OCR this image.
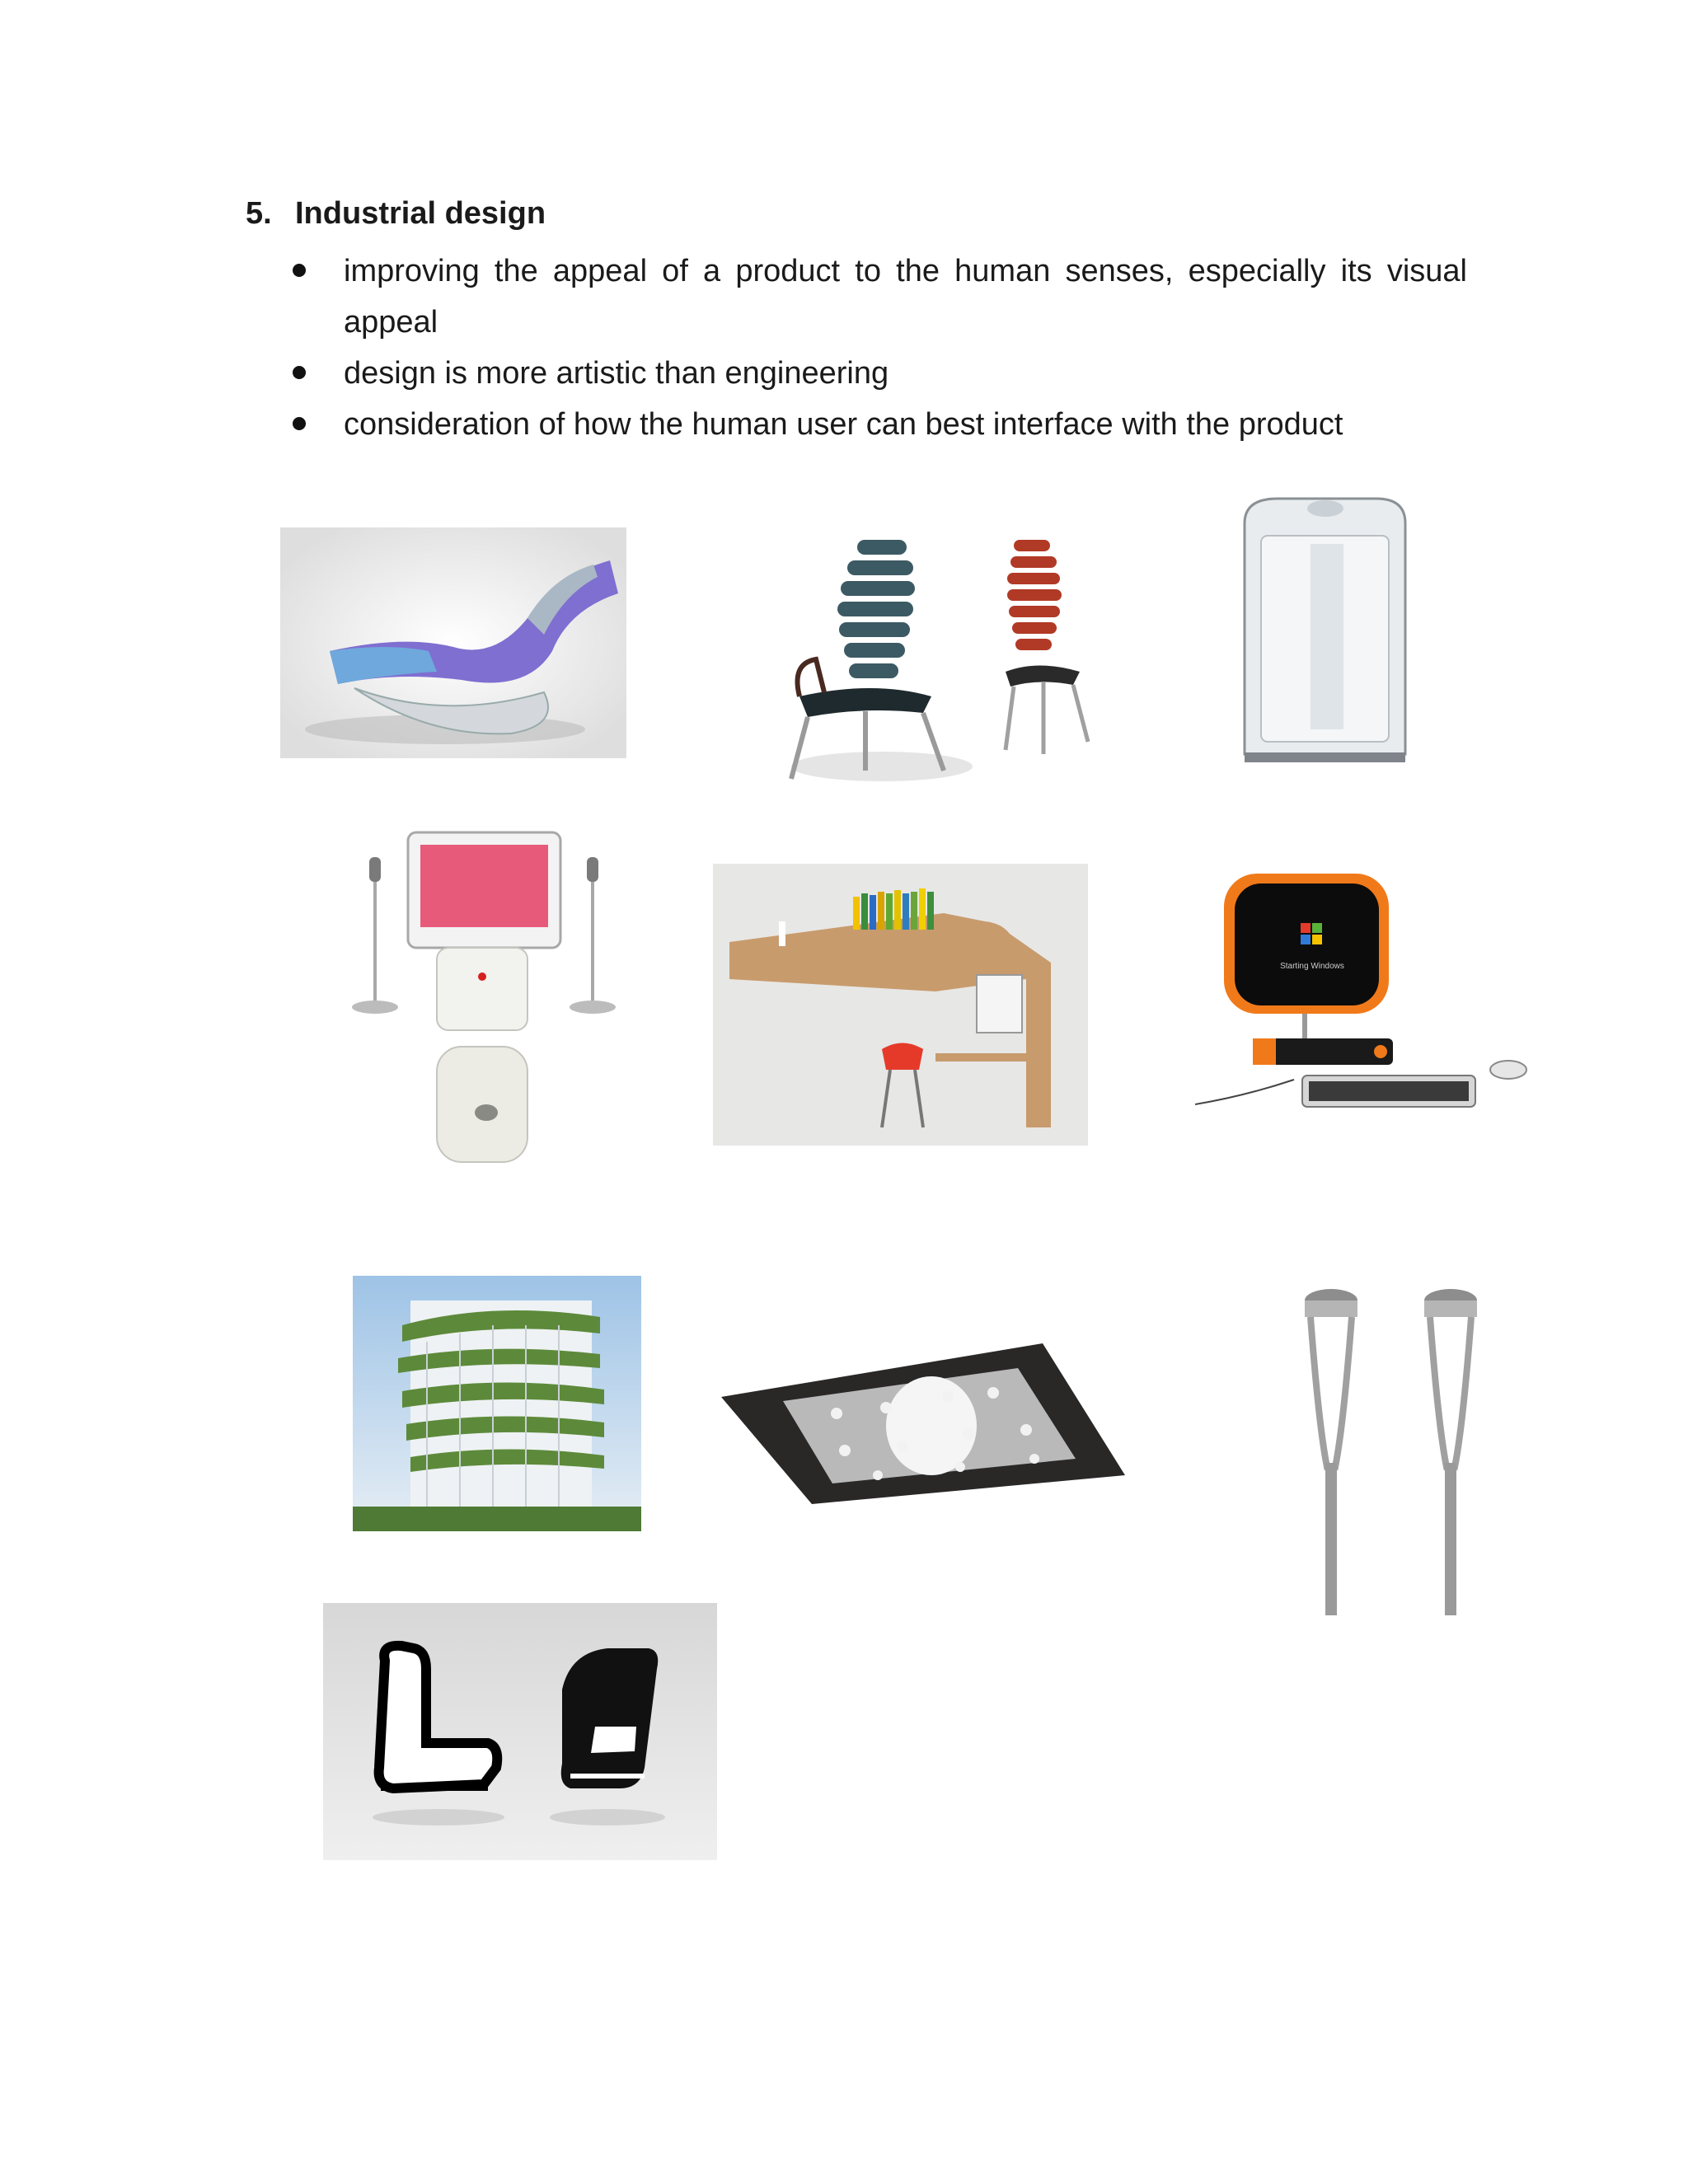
5. Industrial design
improving the appeal of a product to the human senses, especially its visual appeal
design is more artistic than engineering
consideration of how the human user can best interface with the product
Starting Windows
